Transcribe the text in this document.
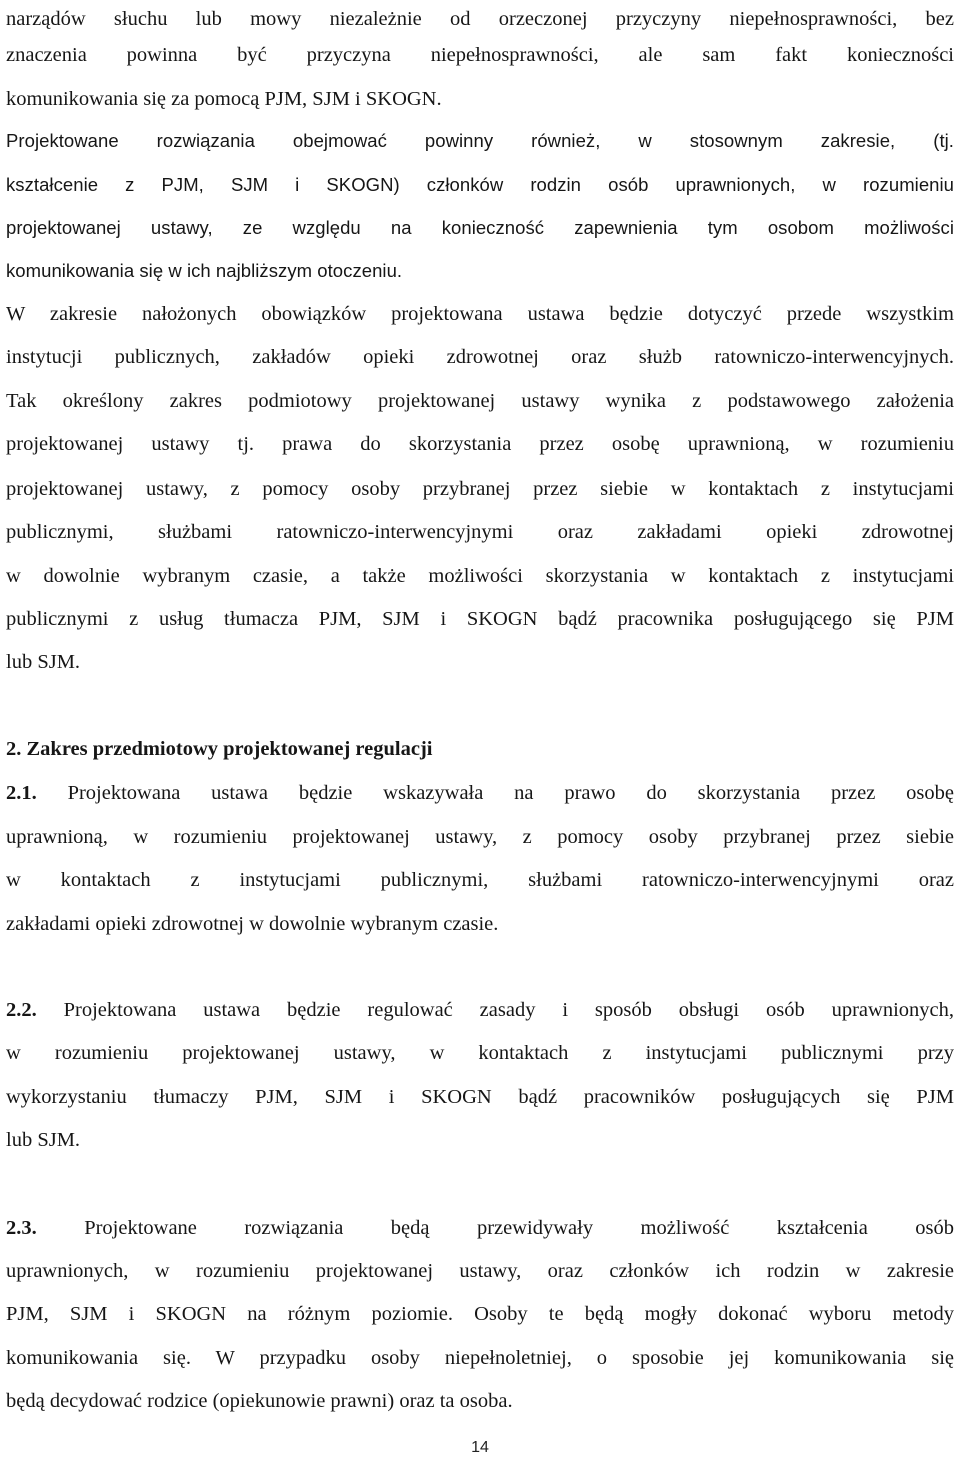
narządów słuchu lub mowy niezależnie od orzeczonej przyczyny niepełnosprawności, bez
znaczenia powinna być przyczyna niepełnosprawności, ale sam fakt konieczności
komunikowania się za pomocą PJM, SJM i SKOGN.
Projektowane rozwiązania obejmować powinny również, w stosownym zakresie, (tj.
kształcenie z PJM, SJM i SKOGN) członków rodzin osób uprawnionych, w rozumieniu
projektowanej ustawy, ze względu na konieczność zapewnienia tym osobom możliwości
komunikowania się w ich najbliższym otoczeniu.
W zakresie nałożonych obowiązków projektowana ustawa będzie dotyczyć przede wszystkim
instytucji publicznych, zakładów opieki zdrowotnej oraz służb ratowniczo-interwencyjnych.
Tak określony zakres podmiotowy projektowanej ustawy wynika z podstawowego założenia
projektowanej ustawy tj. prawa do skorzystania przez osobę uprawnioną, w rozumieniu
projektowanej ustawy, z pomocy osoby przybranej przez siebie w kontaktach z instytucjami
publicznymi, służbami ratowniczo-interwencyjnymi oraz zakładami opieki zdrowotnej
w dowolnie wybranym czasie, a także możliwości skorzystania w kontaktach z instytucjami
publicznymi z usług tłumacza PJM, SJM i SKOGN bądź pracownika posługującego się PJM
lub SJM.
2. Zakres przedmiotowy projektowanej regulacji
2.1. Projektowana ustawa będzie wskazywała na prawo do skorzystania przez osobę
uprawnioną, w rozumieniu projektowanej ustawy, z pomocy osoby przybranej przez siebie
w kontaktach z instytucjami publicznymi, służbami ratowniczo-interwencyjnymi oraz
zakładami opieki zdrowotnej w dowolnie wybranym czasie.
2.2. Projektowana ustawa będzie regulować zasady i sposób obsługi osób uprawnionych,
w rozumieniu projektowanej ustawy, w kontaktach z instytucjami publicznymi przy
wykorzystaniu tłumaczy PJM, SJM i SKOGN bądź pracowników posługujących się PJM
lub SJM.
2.3. Projektowane rozwiązania będą przewidywały możliwość kształcenia osób
uprawnionych, w rozumieniu projektowanej ustawy, oraz członków ich rodzin w zakresie
PJM, SJM i SKOGN na różnym poziomie. Osoby te będą mogły dokonać wyboru metody
komunikowania się. W przypadku osoby niepełnoletniej, o sposobie jej komunikowania się
będą decydować rodzice (opiekunowie prawni) oraz ta osoba.
14
